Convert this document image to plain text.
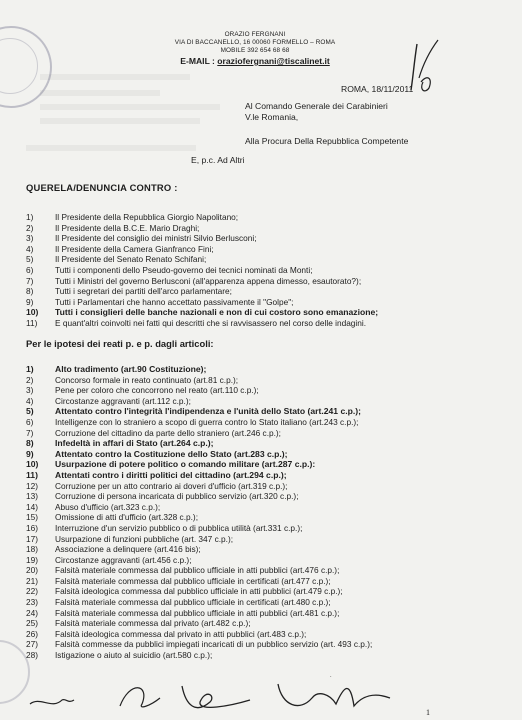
ORAZIO FERGNANI
VIA DI BACCANELLO, 16 00060 FORMELLO – ROMA
MOBILE 392 654 68 68
E-MAIL : oraziofergnani@tiscalinet.it
ROMA, 18/11/2011
Al Comando Generale dei Carabinieri
V.le Romania,
Alla Procura Della Repubblica Competente
E, p.c. Ad Altri
QUERELA/DENUNCIA CONTRO :
1)	Il Presidente della Repubblica Giorgio Napolitano;
2)	Il Presidente della B.C.E. Mario Draghi;
3)	Il Presidente del consiglio dei ministri Silvio Berlusconi;
4)	Il Presidente della Camera Gianfranco Fini;
5)	Il Presidente del Senato Renato Schifani;
6)	Tutti i componenti dello Pseudo-governo dei tecnici nominati da Monti;
7)	Tutti i Ministri del governo Berlusconi (all'apparenza appena dimesso, esautorato?);
8)	Tutti i segretari dei partiti dell'arco parlamentare;
9)	Tutti i Parlamentari che hanno accettato passivamente il "Golpe";
10)	Tutti i consiglieri delle banche nazionali e non di cui costoro sono emanazione;
11)	E quant'altri coinvolti nei fatti qui descritti che si ravvisassero nel corso delle indagini.
Per le ipotesi dei reati p. e p. dagli articoli:
1)	Alto tradimento (art.90 Costituzione);
2)	Concorso formale in reato continuato (art.81 c.p.);
3)	Pene per coloro che concorrono nel reato (art.110 c.p.);
4)	Circostanze aggravanti (art.112 c.p.);
5)	Attentato contro l'integrità l'indipendenza e l'unità dello Stato (art.241 c.p.);
6)	Intelligenze con lo straniero a scopo di guerra contro lo Stato italiano (art.243 c.p.);
7)	Corruzione del cittadino da parte dello straniero (art.246 c.p.);
8)	Infedeltà in affari di Stato (art.264 c.p.);
9)	Attentato contro la Costituzione dello Stato (art.283 c.p.);
10)	Usurpazione di potere politico o comando militare (art.287 c.p.):
11)	Attentati contro i diritti politici del cittadino (art.294 c.p.);
12)	Corruzione per un atto contrario ai doveri d'ufficio (art.319 c.p.);
13)	Corruzione di persona incaricata di pubblico servizio (art.320 c.p.);
14)	Abuso d'ufficio (art.323 c.p.);
15)	Omissione di atti d'ufficio (art.328 c.p.);
16)	Interruzione d'un servizio pubblico o di pubblica utilità (art.331 c.p.);
17)	Usurpazione di funzioni pubbliche (art. 347 c.p.);
18)	Associazione a delinquere (art.416 bis);
19)	Circostanze aggravanti (art.456 c.p.);
20)	Falsità materiale commessa dal pubblico ufficiale in atti pubblici (art.476 c.p.);
21)	Falsità materiale commessa dal pubblico ufficiale in certificati (art.477 c.p.);
22)	Falsità ideologica commessa dal pubblico ufficiale in atti pubblici (art.479 c.p.);
23)	Falsità materiale commessa dal pubblico ufficiale in certificati (art.480 c.p.);
24)	Falsità materiale commessa dal pubblico ufficiale in atti pubblici (art.481 c.p.);
25)	Falsità materiale commessa dal privato (art.482 c.p.);
26)	Falsità ideologica commessa dal privato in atti pubblici (art.483 c.p.);
27)	Falsità commesse da pubblici impiegati incaricati di un pubblico servizio (art. 493 c.p.);
28)	Istigazione o aiuto al suicidio (art.580 c.p.);
1
